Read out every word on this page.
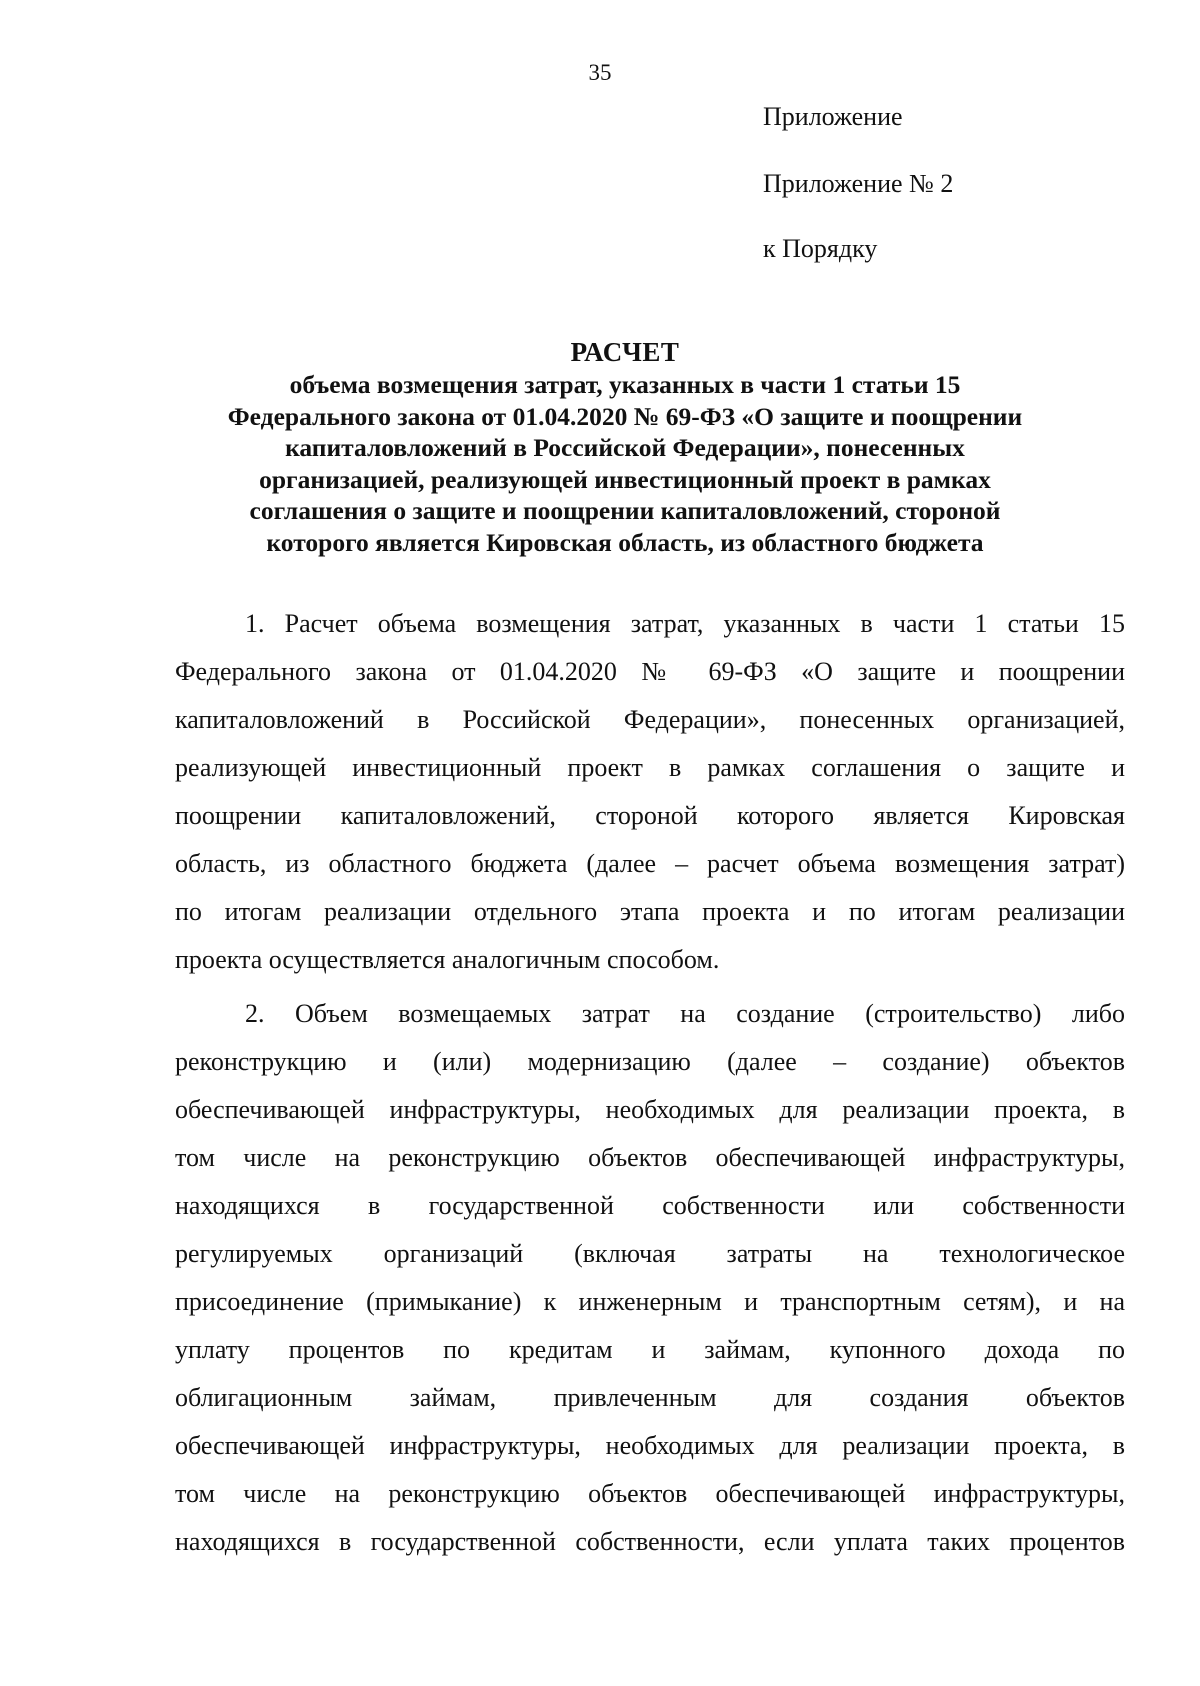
35
Приложение
Приложение № 2
к Порядку
РАСЧЕТ
объема возмещения затрат, указанных в части 1 статьи 15
Федерального закона от 01.04.2020 № 69-ФЗ «О защите и поощрении
капиталовложений в Российской Федерации», понесенных
организацией, реализующей инвестиционный проект в рамках
соглашения о защите и поощрении капиталовложений, стороной
которого является Кировская область, из областного бюджета
1. Расчет объема возмещения затрат, указанных в части 1 статьи 15
Федерального закона от 01.04.2020 № 69-ФЗ «О защите и поощрении
капиталовложений в Российской Федерации», понесенных организацией,
реализующей инвестиционный проект в рамках соглашения о защите и
поощрении капиталовложений, стороной которого является Кировская
область, из областного бюджета (далее – расчет объема возмещения затрат)
по итогам реализации отдельного этапа проекта и по итогам реализации
проекта осуществляется аналогичным способом.
2. Объем возмещаемых затрат на создание (строительство) либо
реконструкцию и (или) модернизацию (далее – создание) объектов
обеспечивающей инфраструктуры, необходимых для реализации проекта, в
том числе на реконструкцию объектов обеспечивающей инфраструктуры,
находящихся в государственной собственности или собственности
регулируемых организаций (включая затраты на технологическое
присоединение (примыкание) к инженерным и транспортным сетям), и на
уплату процентов по кредитам и займам, купонного дохода по
облигационным займам, привлеченным для создания объектов
обеспечивающей инфраструктуры, необходимых для реализации проекта, в
том числе на реконструкцию объектов обеспечивающей инфраструктуры,
находящихся в государственной собственности, если уплата таких процентов
